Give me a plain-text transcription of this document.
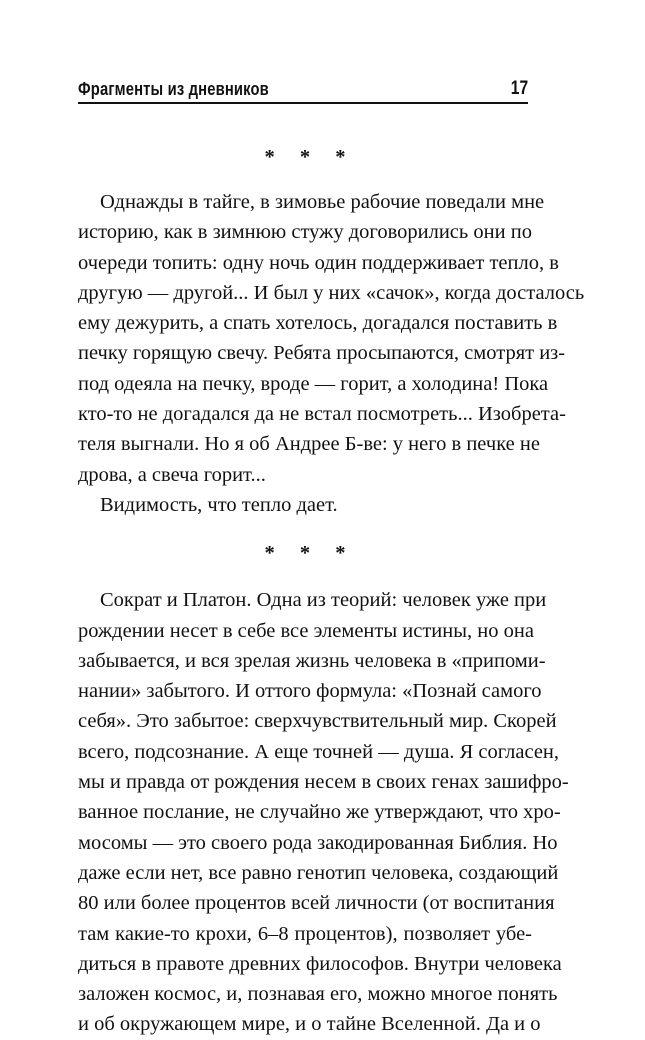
Фрагменты из дневников	17
* * *
Однажды в тайге, в зимовье рабочие поведали мне
историю, как в зимнюю стужу договорились они по
очереди топить: одну ночь один поддерживает тепло, в
другую — другой... И был у них «сачок», когда досталось
ему дежурить, а спать хотелось, догадался поставить в
печку горящую свечу. Ребята просыпаются, смотрят из-
под одеяла на печку, вроде — горит, а холодина! Пока
кто-то не догадался да не встал посмотреть... Изобрета-
теля выгнали. Но я об Андрее Б-ве: у него в печке не
дрова, а свеча горит...
Видимость, что тепло дает.
* * *
Сократ и Платон. Одна из теорий: человек уже при
рождении несет в себе все элементы истины, но она
забывается, и вся зрелая жизнь человека в «припоми-
нании» забытого. И оттого формула: «Познай самого
себя». Это забытое: сверхчувствительный мир. Скорей
всего, подсознание. А еще точней — душа. Я согласен,
мы и правда от рождения несем в своих генах зашифро-
ванное послание, не случайно же утверждают, что хро-
мосомы — это своего рода закодированная Библия. Но
даже если нет, все равно генотип человека, создающий
80 или более процентов всей личности (от воспитания
там какие-то крохи, 6–8 процентов), позволяет убе-
диться в правоте древних философов. Внутри человека
заложен космос, и, познавая его, можно многое понять
и об окружающем мире, и о тайне Вселенной. Да и о
